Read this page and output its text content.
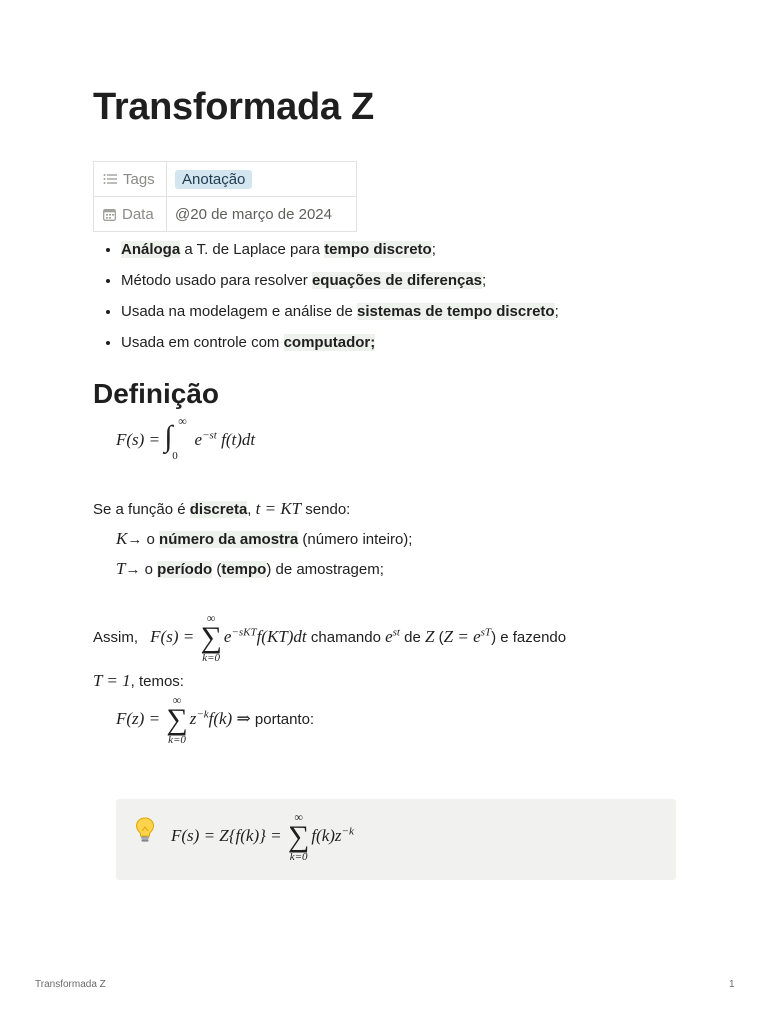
Transformada Z
Tags	Anotação
Data	@20 de março de 2024
• Análoga a T. de Laplace para tempo discreto;
• Método usado para resolver equações de diferenças;
• Usada na modelagem e análise de sistemas de tempo discreto;
• Usada em controle com computador;
Definição
F(s) = ∫ ∞
0
$e^{-st}$ f(t)dt
Se a função é discreta, t = KT sendo:
K→ o número da amostra (número inteiro);
T→ o período (tempo) de amostragem;
Assim, F(s) =
∞
∑
k=0
$e^{-sKT}f(KT)dt$ chamando $e^{st}$ de Z $(Z = e^{sT})$ e fazendo
T = 1, temos:
F(z) =
∞
∑
k=0
$z^{-k}f(k)$ ⇒ portanto:
F(s) = Z{f(k)} =
∞
∑
k=0
$f(k)z^{-k}$
Transformada Z	1
